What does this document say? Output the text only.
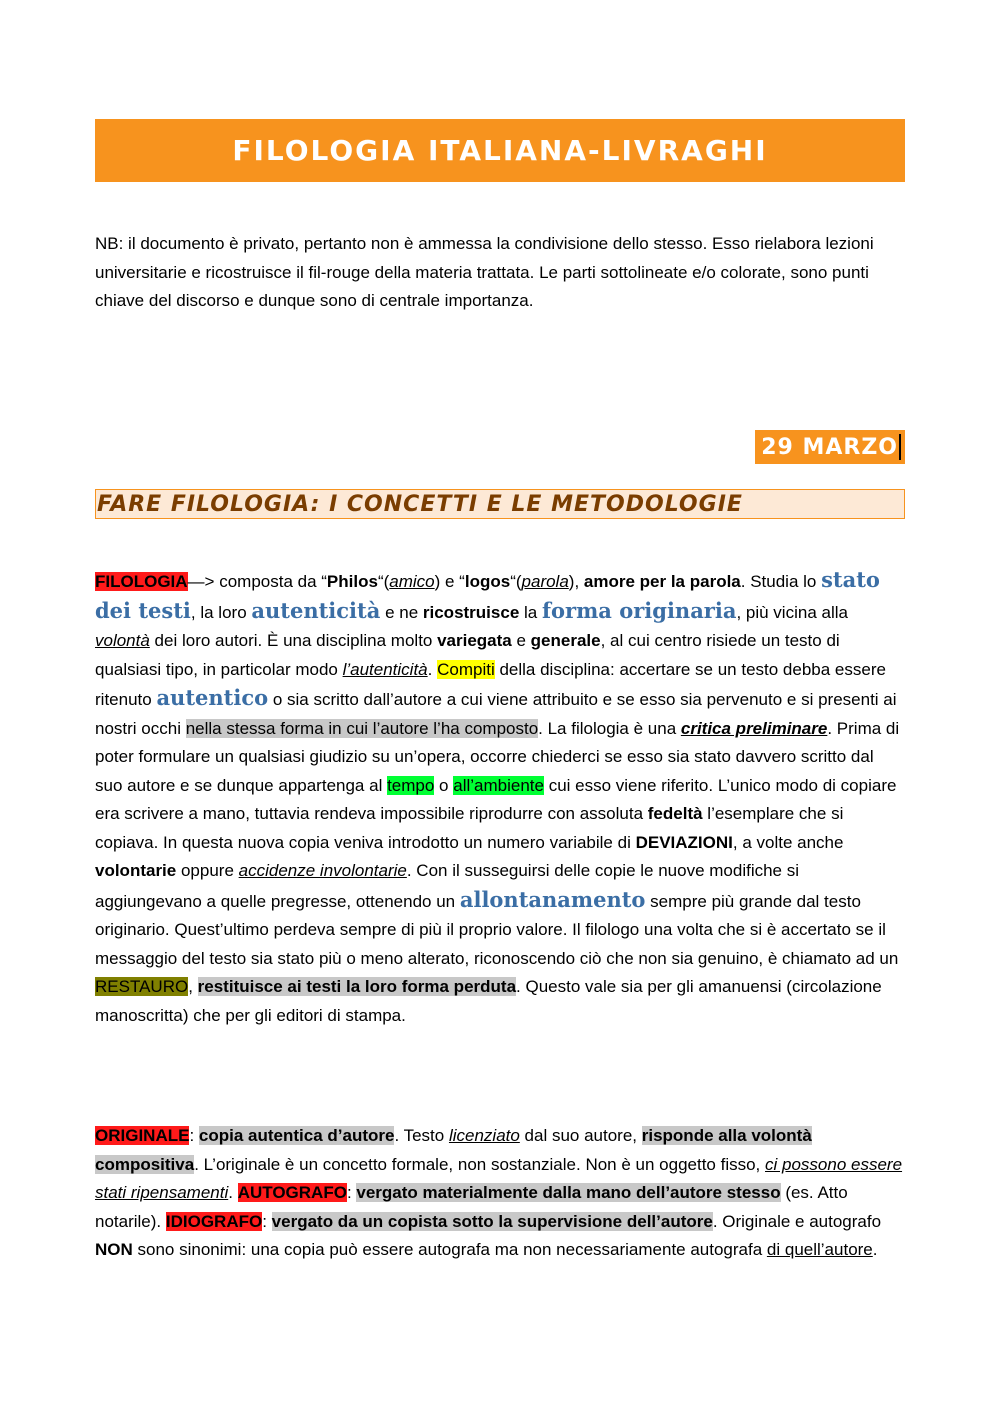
FILOLOGIA ITALIANA-LIVRAGHI
NB: il documento è privato, pertanto non è ammessa la condivisione dello stesso. Esso rielabora lezioni universitarie e ricostruisce il fil-rouge della materia trattata. Le parti sottolineate e/o colorate, sono punti chiave del discorso e dunque sono di centrale importanza.
29 MARZO
FARE FILOLOGIA: I CONCETTI E LE METODOLOGIE
FILOLOGIA—> composta da “Philos“(amico) e “logos“(parola), amore per la parola. Studia lo stato dei testi, la loro autenticità e ne ricostruisce la forma originaria, più vicina alla volontà dei loro autori. È una disciplina molto variegata e generale, al cui centro risiede un testo di qualsiasi tipo, in particolar modo l’autenticità. Compiti della disciplina: accertare se un testo debba essere ritenuto autentico o sia scritto dall’autore a cui viene attribuito e se esso sia pervenuto e si presenti ai nostri occhi nella stessa forma in cui l’autore l’ha composto. La filologia è una critica preliminare. Prima di poter formulare un qualsiasi giudizio su un’opera, occorre chiederci se esso sia stato davvero scritto dal suo autore e se dunque appartenga al tempo o all’ambiente cui esso viene riferito. L’unico modo di copiare era scrivere a mano, tuttavia rendeva impossibile riprodurre con assoluta fedeltà l’esemplare che si copiava. In questa nuova copia veniva introdotto un numero variabile di DEVIAZIONI, a volte anche volontarie oppure accidenze involontarie. Con il susseguirsi delle copie le nuove modifiche si aggiungevano a quelle pregresse, ottenendo un allontanamento sempre più grande dal testo originario. Quest’ultimo perdeva sempre di più il proprio valore. Il filologo una volta che si è accertato se il messaggio del testo sia stato più o meno alterato, riconoscendo ciò che non sia genuino, è chiamato ad un RESTAURO, restituisce ai testi la loro forma perduta. Questo vale sia per gli amanuensi (circolazione manoscritta) che per gli editori di stampa.
ORIGINALE: copia autentica d’autore. Testo licenziato dal suo autore, risponde alla volontà compositiva. L’originale è un concetto formale, non sostanziale. Non è un oggetto fisso, ci possono essere stati ripensamenti. AUTOGRAFO: vergato materialmente dalla mano dell’autore stesso (es. Atto notarile). IDIOGRAFO: vergato da un copista sotto la supervisione dell’autore. Originale e autografo NON sono sinonimi: una copia può essere autografa ma non necessariamente autografa di quell’autore.
